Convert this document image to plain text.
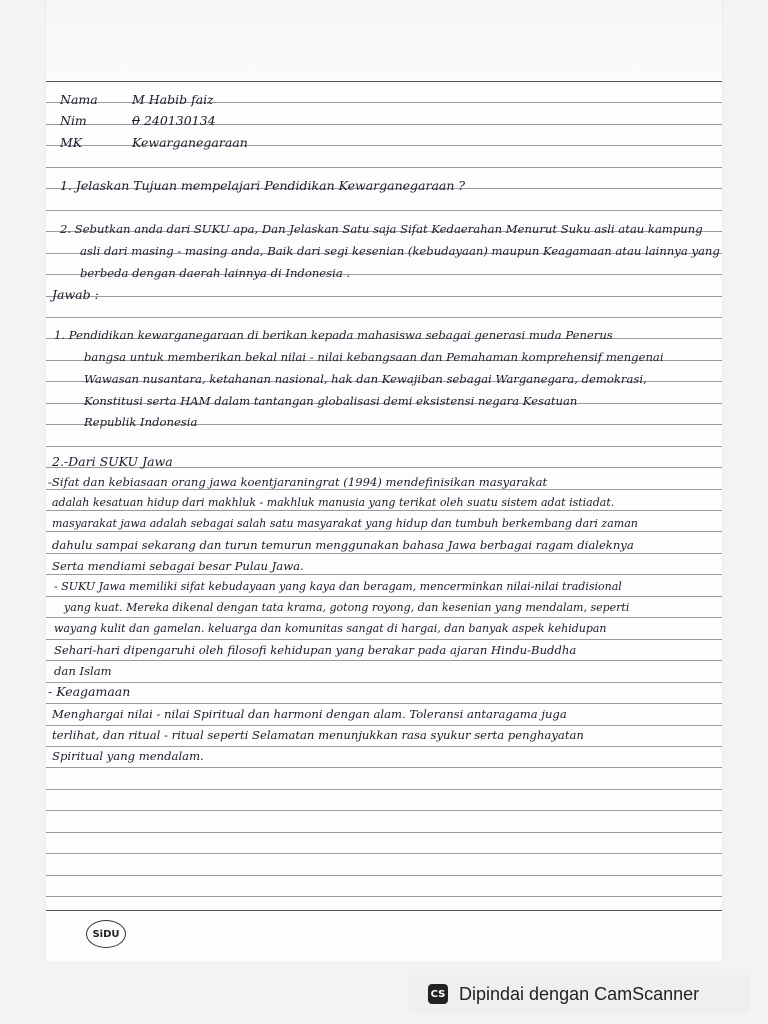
Nama	M Habib faiz
Nim	0 240130134
MK	Kewarganegaraan
1. Jelaskan Tujuan mempelajari Pendidikan Kewarganegaraan ?
2. Sebutkan anda dari SUKU apa, Dan Jelaskan Satu saja Sifat Kedaerahan Menurut Suku asli atau kampung
asli dari masing - masing anda, Baik dari segi kesenian (kebudayaan) maupun Keagamaan atau lainnya yang
berbeda dengan daerah lainnya di Indonesia .
Jawab :
1. Pendidikan kewarganegaraan di berikan kepada mahasiswa sebagai generasi muda Penerus
bangsa untuk memberikan bekal nilai - nilai kebangsaan dan Pemahaman komprehensif mengenai
Wawasan nusantara, ketahanan nasional, hak dan Kewajiban sebagai Warganegara, demokrasi,
Konstitusi serta HAM dalam tantangan globalisasi demi eksistensi negara Kesatuan
Republik Indonesia
2.-Dari SUKU Jawa
-Sifat dan kebiasaan orang jawa koentjaraningrat (1994) mendefinisikan masyarakat
adalah kesatuan hidup dari makhluk - makhluk manusia yang terikat oleh suatu sistem adat istiadat.
masyarakat jawa adalah sebagai salah satu masyarakat yang hidup dan tumbuh berkembang dari zaman
dahulu sampai sekarang dan turun temurun menggunakan bahasa Jawa berbagai ragam dialeknya
Serta mendiami sebagai besar Pulau Jawa.
- SUKU Jawa memiliki sifat kebudayaan yang kaya dan beragam, mencerminkan nilai-nilai tradisional
yang kuat. Mereka dikenal dengan tata krama, gotong royong, dan kesenian yang mendalam, seperti
wayang kulit dan gamelan. keluarga dan komunitas sangat di hargai, dan banyak aspek kehidupan
Sehari-hari dipengaruhi oleh filosofi kehidupan yang berakar pada ajaran Hindu-Buddha
dan Islam
- Keagamaan
Menghargai nilai - nilai Spiritual dan harmoni dengan alam. Toleransi antaragama juga
terlihat, dan ritual - ritual seperti Selamatan menunjukkan rasa syukur serta penghayatan
Spiritual yang mendalam.
SiDU
CS Dipindai dengan CamScanner
